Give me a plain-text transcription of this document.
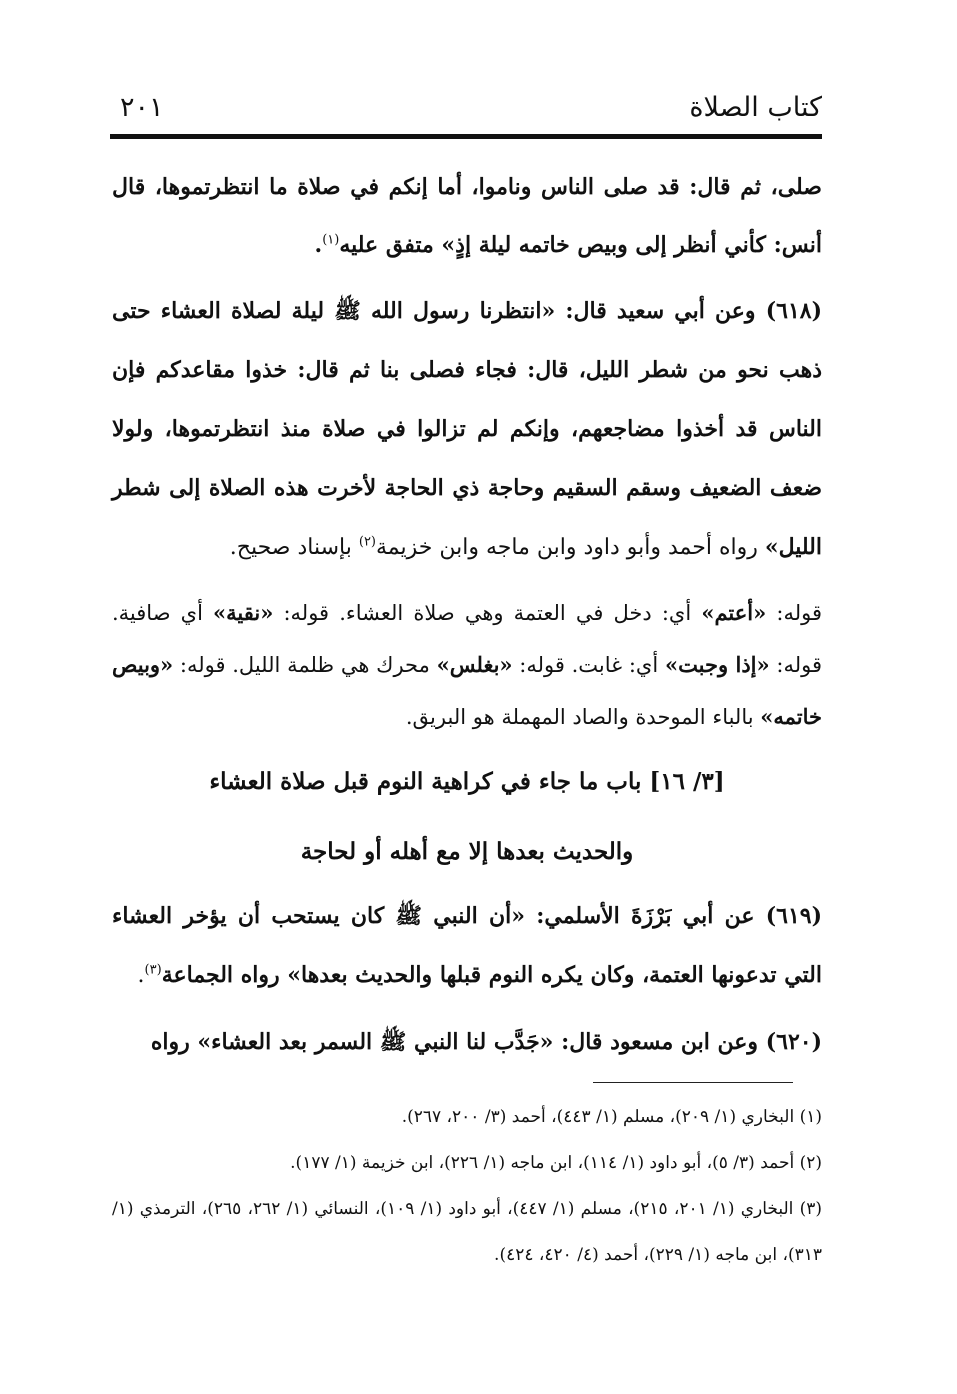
كتاب الصلاة
٢٠١

صلى، ثم قال: قد صلى الناس وناموا، أما إنكم في صلاة ما انتظرتموها، قال أنس: كأني أنظر إلى وبيص خاتمه ليلة إذٍ» متفق عليه$^{(١)}$.

(٦١٨) وعن أبي سعيد قال: «انتظرنا رسول الله ﷺ ليلة لصلاة العشاء حتى ذهب نحو من شطر الليل، قال: فجاء فصلى بنا ثم قال: خذوا مقاعدكم فإن الناس قد أخذوا مضاجعهم، وإنكم لم تزالوا في صلاة منذ انتظرتموها، ولولا ضعف الضعيف وسقم السقيم وحاجة ذي الحاجة لأخرت هذه الصلاة إلى شطر الليل» رواه أحمد وأبو داود وابن ماجه وابن خزيمة$^{(٢)}$ بإسناد صحيح.

قوله: «أعتم» أي: دخل في العتمة وهي صلاة العشاء. قوله: «نقية» أي صافية. قوله: «إذا وجبت» أي: غابت. قوله: «بغلس» محرك هي ظلمة الليل. قوله: «وبيص خاتمه» بالباء الموحدة والصاد المهملة هو البريق.

[٣/ ١٦] باب ما جاء في كراهية النوم قبل صلاة العشاء

والحديث بعدها إلا مع أهله أو لحاجة

(٦١٩) عن أبي بَرْزَةَ الأسلمي: «أن النبي ﷺ كان يستحب أن يؤخر العشاء التي تدعونها العتمة، وكان يكره النوم قبلها والحديث بعدها» رواه الجماعة$^{(٣)}$.

(٦٢٠) وعن ابن مسعود قال: «جَدَّب لنا النبي ﷺ السمر بعد العشاء» رواه

(١) البخاري (١/ ٢٠٩)، مسلم (١/ ٤٤٣)، أحمد (٣/ ٢٠٠، ٢٦٧).

(٢) أحمد (٣/ ٥)، أبو داود (١/ ١١٤)، ابن ماجه (١/ ٢٢٦)، ابن خزيمة (١/ ١٧٧).

(٣) البخاري (١/ ٢٠١، ٢١٥)، مسلم (١/ ٤٤٧)، أبو داود (١/ ١٠٩)، النسائي (١/ ٢٦٢، ٢٦٥)، الترمذي (١/ ٣١٣)، ابن ماجه (١/ ٢٢٩)، أحمد (٤/ ٤٢٠، ٤٢٤).
